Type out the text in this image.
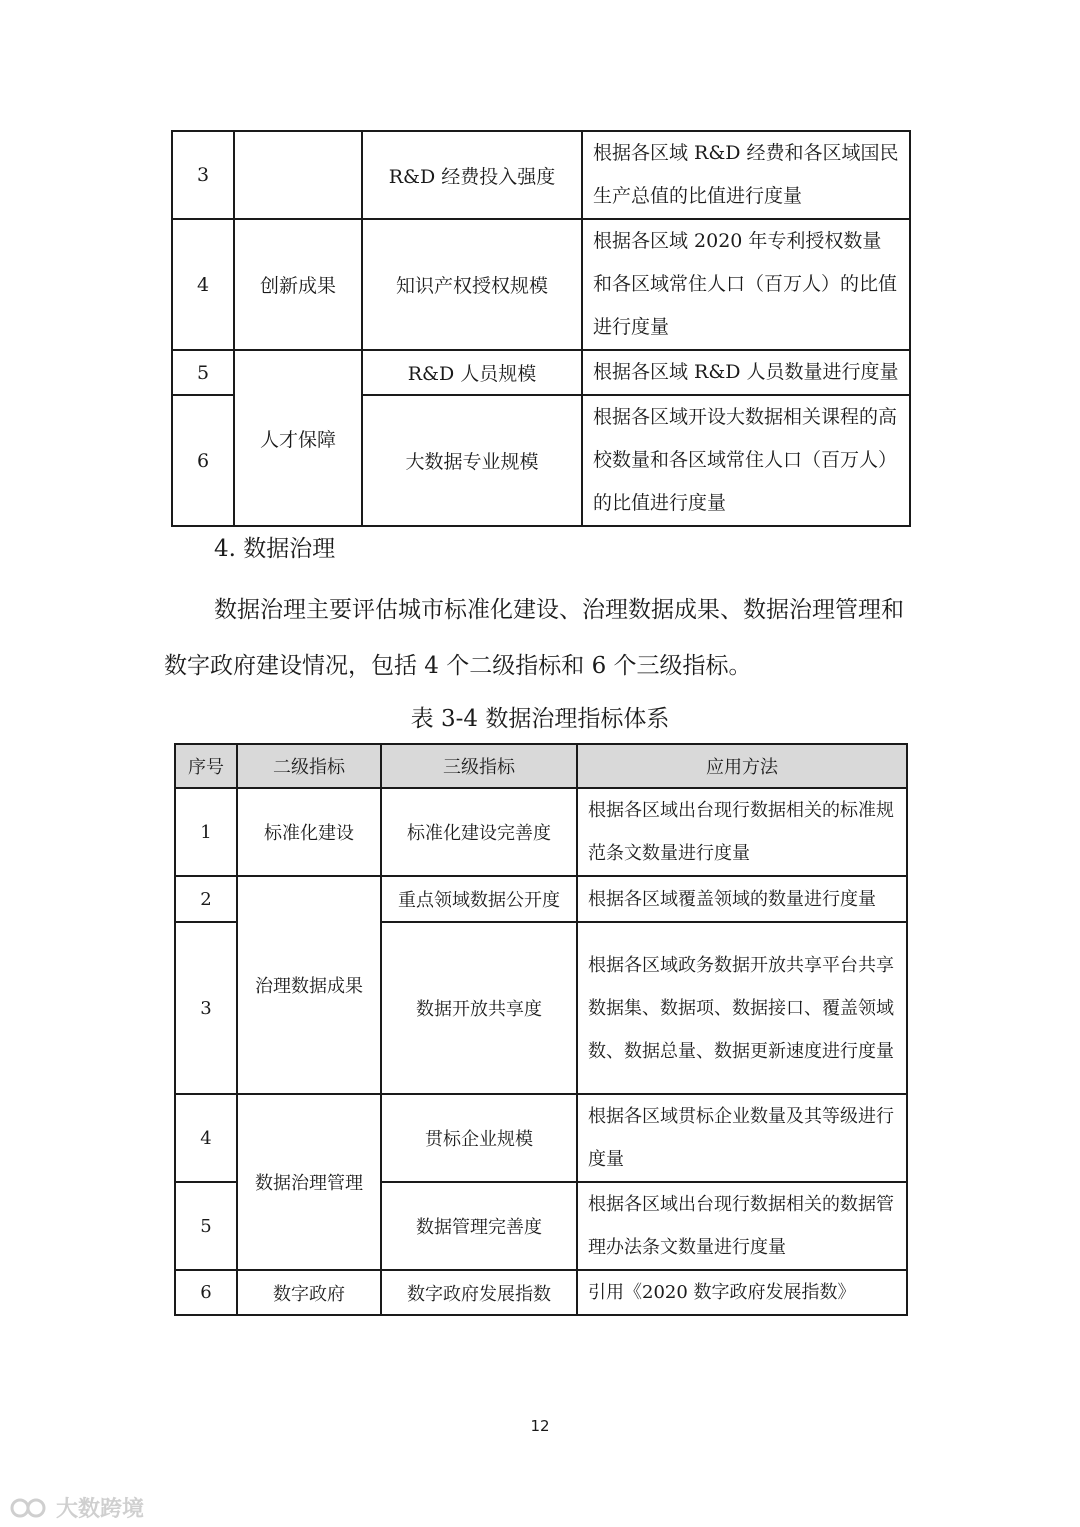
3		R&D 经费投入强度	根据各区域 R&D 经费和各区域国民生产总值的比值进行度量
4	创新成果	知识产权授权规模	根据各区域 2020 年专利授权数量和各区域常住人口（百万人）的比值进行度量
5	人才保障	R&D 人员规模	根据各区域 R&D 人员数量进行度量
6		大数据专业规模	根据各区域开设大数据相关课程的高校数量和各区域常住人口（百万人）的比值进行度量
4. 数据治理
数据治理主要评估城市标准化建设、治理数据成果、数据治理管理和数字政府建设情况，包括 4 个二级指标和 6 个三级指标。
表 3-4 数据治理指标体系
序号	二级指标	三级指标	应用方法
1	标准化建设	标准化建设完善度	根据各区域出台现行数据相关的标准规范条文数量进行度量
2	治理数据成果	重点领域数据公开度	根据各区域覆盖领域的数量进行度量
3		数据开放共享度	根据各区域政务数据开放共享平台共享数据集、数据项、数据接口、覆盖领域数、数据总量、数据更新速度进行度量
4	数据治理管理	贯标企业规模	根据各区域贯标企业数量及其等级进行度量
5		数据管理完善度	根据各区域出台现行数据相关的数据管理办法条文数量进行度量
6	数字政府	数字政府发展指数	引用《2020 数字政府发展指数》
12
大数跨境
